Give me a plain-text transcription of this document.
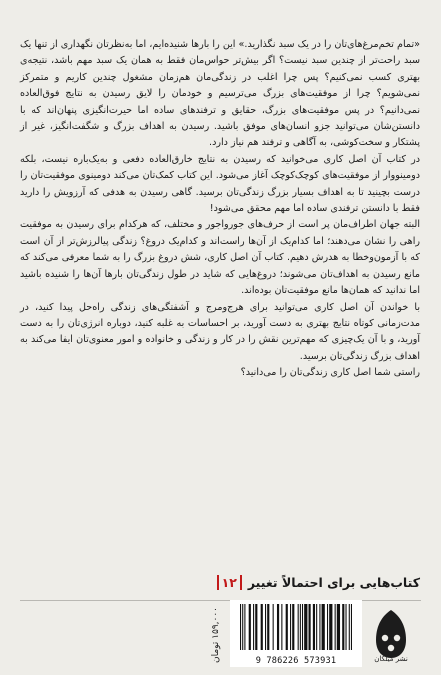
«تمام تخم‌مرغ‌های‌تان را در یک سبد نگذارید.» این را بارها شنیده‌ایم، اما به‌نظرتان نگهداری از تنها یک سبد راحت‌تر از چندین سبد نیست؟ اگر بیش‌تر حواس‌مان فقط به همان یک سبد مهم باشد، نتیجه‌ی بهتری کسب نمی‌کنیم؟ پس چرا اغلب در زندگی‌مان هم‌زمان مشغول چندین کاریم و متمرکز نمی‌شویم؟ چرا از موفقیت‌های بزرگ می‌ترسیم و خودمان را لایق رسیدن به نتایج فوق‌العاده نمی‌دانیم؟ در پس موفقیت‌های بزرگ، حقایق و ترفندهای ساده اما حیرت‌انگیزی پنهان‌اند که با دانستن‌شان می‌توانید جزو انسان‌های موفق باشید. رسیدن به اهداف بزرگ و شگفت‌انگیز، غیر از پشتکار و سخت‌کوشی، به آگاهی و ترفند هم نیاز دارد.

در کتاب آن اصل کاری می‌خوانید که رسیدن به نتایج خارق‌العاده دفعی و به‌یک‌باره نیست، بلکه دومینووار از موفقیت‌های کوچک‌کوچک آغاز می‌شود. این کتاب کمک‌تان می‌کند دومینوی موفقیت‌تان را درست بچینید تا به اهداف بسیار بزرگ زندگی‌تان برسید. گاهی رسیدن به هدفی که آرزویش را دارید فقط با دانستن ترفندی ساده اما مهم محقق می‌شود!

البته جهان اطراف‌مان پر است از حرف‌های جورواجور و مختلف، که هرکدام برای رسیدن به موفقیت راهی را نشان می‌دهند؛ اما کدام‌یک از آن‌ها راست‌اند و کدام‌یک دروغ؟ زندگی پیالرزش‌تر از آن است که با آزمون‌وخطا به هدرش دهیم. کتاب آن اصل کاری، شش دروغ بزرگ را به شما معرفی می‌کند که مانع رسیدن به اهداف‌تان می‌شوند؛ دروغ‌هایی که شاید در طول زندگی‌تان بارها آن‌ها را شنیده باشید اما ندانید که همان‌ها مانع موفقیت‌تان بوده‌اند.

با خواندن آن اصل کاری می‌توانید برای هرج‌ومرج و آشفتگی‌های زندگی راه‌حل پیدا کنید، در مدت‌زمانی کوتاه نتایج بهتری به دست آورید، بر احساسات به غلبه کنید، دوباره انرژی‌تان را به دست آورید، و با آن یک‌چیزی که مهم‌ترین نقش را در کار و زندگی و خانواده و امور معنوی‌تان ایفا می‌کند به اهداف بزرگ زندگی‌تان برسید.

راستی شما اصل کاری زندگی‌تان را می‌دانید؟

کتاب‌هایی برای احتمالاً تغییر
۱۲
۱۵۹,۰۰۰ تومان
9 786226 573931	نشر میلکان
